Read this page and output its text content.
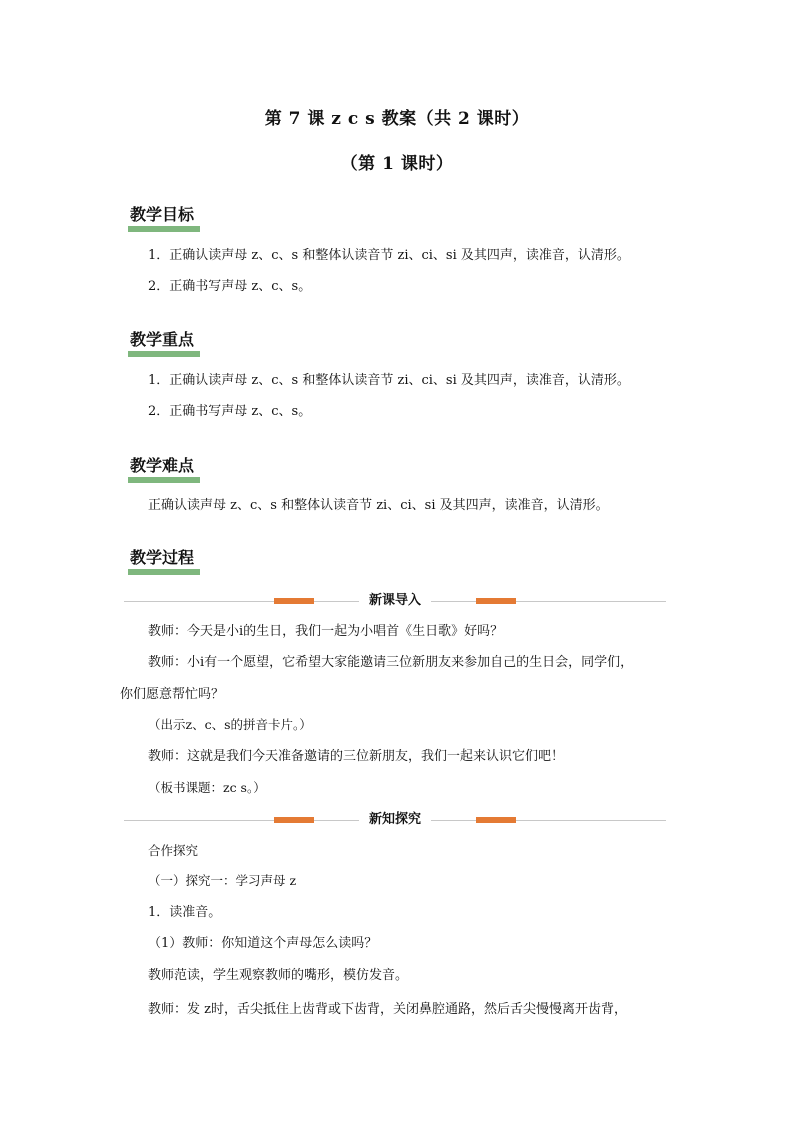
第 7 课 z c s 教案（共 2 课时）
（第 1 课时）
教学目标
1．正确认读声母 z、c、s 和整体认读音节 zi、ci、si 及其四声，读准音，认清形。
2．正确书写声母 z、c、s。
教学重点
1．正确认读声母 z、c、s 和整体认读音节 zi、ci、si 及其四声，读准音，认清形。
2．正确书写声母 z、c、s。
教学难点
正确认读声母 z、c、s 和整体认读音节 zi、ci、si 及其四声，读准音，认清形。
教学过程
新课导入
教师：今天是小i的生日，我们一起为小唱首《生日歌》好吗？
教师：小i有一个愿望，它希望大家能邀请三位新朋友来参加自己的生日会，同学们，
你们愿意帮忙吗？
（出示z、c、s的拼音卡片。）
教师：这就是我们今天准备邀请的三位新朋友，我们一起来认识它们吧！
（板书课题：zc s。）
新知探究
合作探究
（一）探究一：学习声母 z
1．读准音。
（1）教师：你知道这个声母怎么读吗？
教师范读，学生观察教师的嘴形，模仿发音。
教师：发 z时，舌尖抵住上齿背或下齿背，关闭鼻腔通路，然后舌尖慢慢离开齿背，
